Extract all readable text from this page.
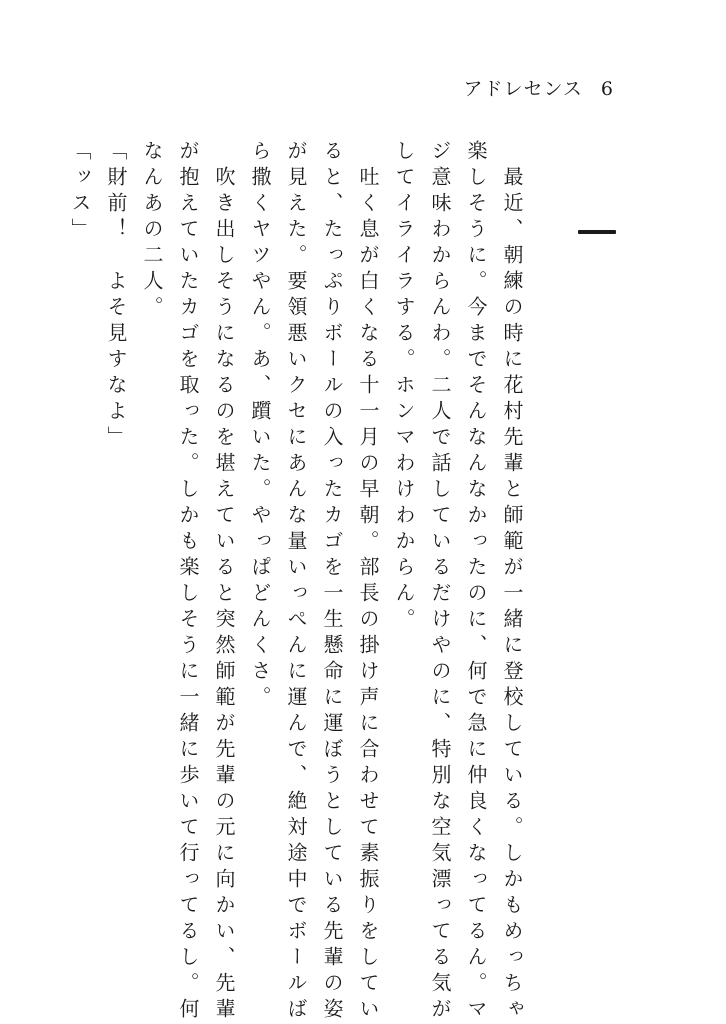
アドレセンス 6

　最近、朝練の時に花村先輩と師範が一緒に登校している。しかもめっちゃ

楽しそうに。今までそんなんなかったのに、何で急に仲良くなってるん。マ

ジ意味わからんわ。二人で話しているだけやのに、特別な空気漂ってる気が

してイライラする。ホンマわけわからん。

　吐く息が白くなる十一月の早朝。部長の掛け声に合わせて素振りをしてい

ると、たっぷりボールの入ったカゴを一生懸命に運ぼうとしている先輩の姿

が見えた。要領悪いクセにあんな量いっぺんに運んで、絶対途中でボールば

ら撒くヤツやん。あ、躓いた。やっぱどんくさ。

　吹き出しそうになるのを堪えていると突然師範が先輩の元に向かい、先輩

が抱えていたカゴを取った。しかも楽しそうに一緒に歩いて行ってるし。何

なんあの二人。

「財前！　よそ見すなよ」

「ッス」
